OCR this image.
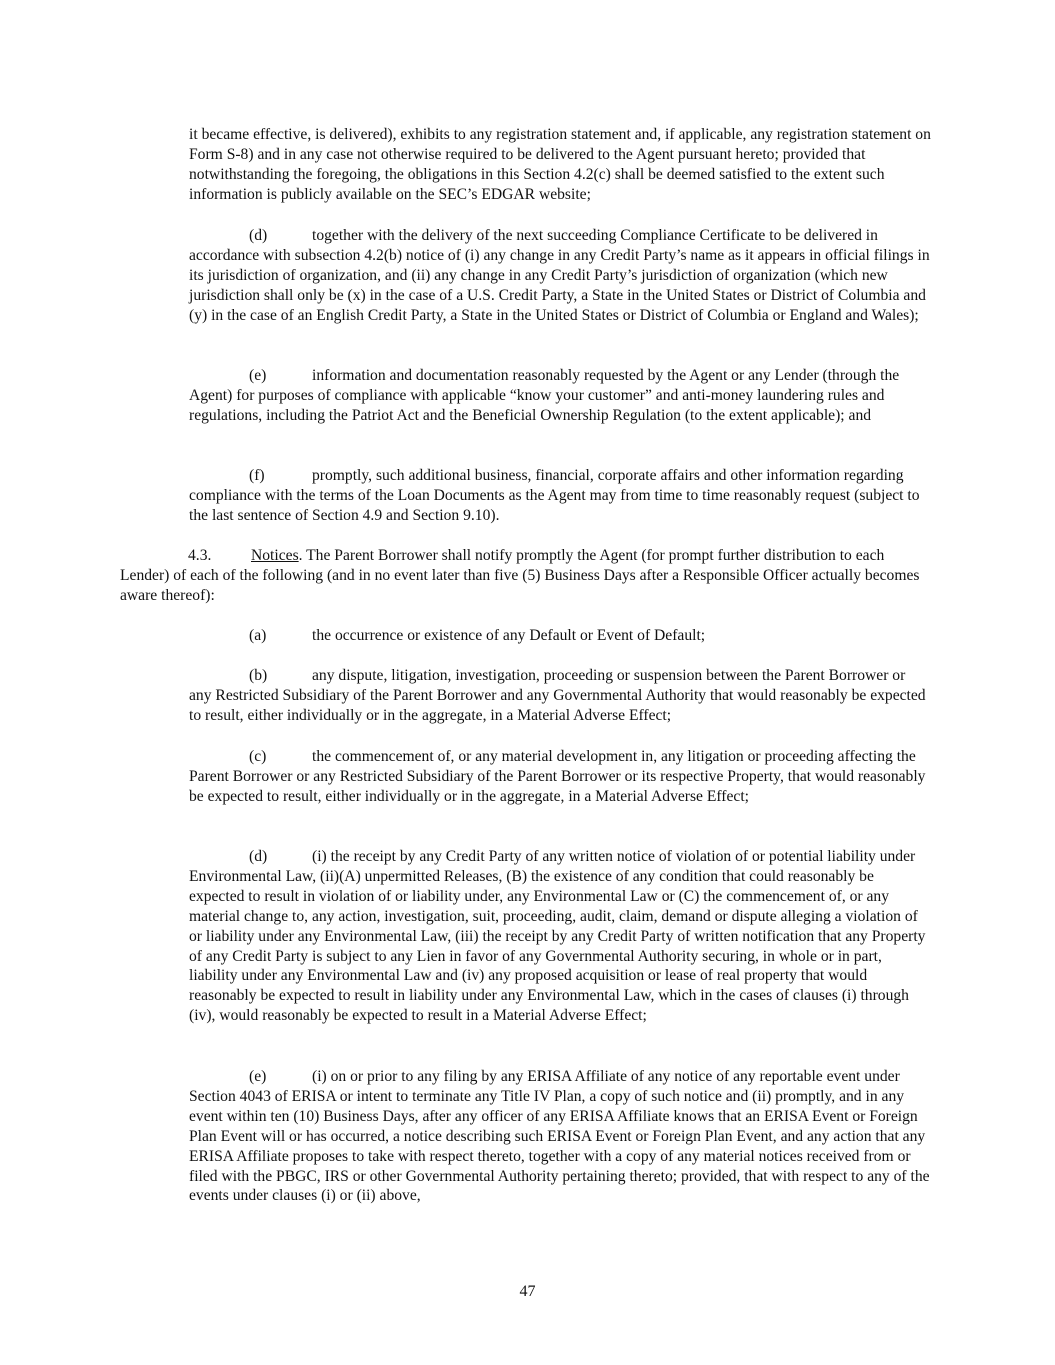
it became effective, is delivered), exhibits to any registration statement and, if applicable, any registration statement on Form S-8) and in any case not otherwise required to be delivered to the Agent pursuant hereto; provided that notwithstanding the foregoing, the obligations in this Section 4.2(c) shall be deemed satisfied to the extent such information is publicly available on the SEC’s EDGAR website;

(d)	together with the delivery of the next succeeding Compliance Certificate to be delivered in accordance with subsection 4.2(b) notice of (i) any change in any Credit Party’s name as it appears in official filings in its jurisdiction of organization, and (ii) any change in any Credit Party’s jurisdiction of organization (which new jurisdiction shall only be (x) in the case of a U.S. Credit Party, a State in the United States or District of Columbia and (y) in the case of an English Credit Party, a State in the United States or District of Columbia or England and Wales);

(e)	information and documentation reasonably requested by the Agent or any Lender (through the Agent) for purposes of compliance with applicable “know your customer” and anti-money laundering rules and regulations, including the Patriot Act and the Beneficial Ownership Regulation (to the extent applicable); and

(f)	promptly, such additional business, financial, corporate affairs and other information regarding compliance with the terms of the Loan Documents as the Agent may from time to time reasonably request (subject to the last sentence of Section 4.9 and Section 9.10).

4.3.	Notices. The Parent Borrower shall notify promptly the Agent (for prompt further distribution to each Lender) of each of the following (and in no event later than five (5) Business Days after a Responsible Officer actually becomes aware thereof):

(a)	the occurrence or existence of any Default or Event of Default;

(b)	any dispute, litigation, investigation, proceeding or suspension between the Parent Borrower or any Restricted Subsidiary of the Parent Borrower and any Governmental Authority that would reasonably be expected to result, either individually or in the aggregate, in a Material Adverse Effect;

(c)	the commencement of, or any material development in, any litigation or proceeding affecting the Parent Borrower or any Restricted Subsidiary of the Parent Borrower or its respective Property, that would reasonably be expected to result, either individually or in the aggregate, in a Material Adverse Effect;

(d)	(i) the receipt by any Credit Party of any written notice of violation of or potential liability under Environmental Law, (ii)(A) unpermitted Releases, (B) the existence of any condition that could reasonably be expected to result in violation of or liability under, any Environmental Law or (C) the commencement of, or any material change to, any action, investigation, suit, proceeding, audit, claim, demand or dispute alleging a violation of or liability under any Environmental Law, (iii) the receipt by any Credit Party of written notification that any Property of any Credit Party is subject to any Lien in favor of any Governmental Authority securing, in whole or in part, liability under any Environmental Law and (iv) any proposed acquisition or lease of real property that would reasonably be expected to result in liability under any Environmental Law, which in the cases of clauses (i) through (iv), would reasonably be expected to result in a Material Adverse Effect;

(e)	(i) on or prior to any filing by any ERISA Affiliate of any notice of any reportable event under Section 4043 of ERISA or intent to terminate any Title IV Plan, a copy of such notice and (ii) promptly, and in any event within ten (10) Business Days, after any officer of any ERISA Affiliate knows that an ERISA Event or Foreign Plan Event will or has occurred, a notice describing such ERISA Event or Foreign Plan Event, and any action that any ERISA Affiliate proposes to take with respect thereto, together with a copy of any material notices received from or filed with the PBGC, IRS or other Governmental Authority pertaining thereto; provided, that with respect to any of the events under clauses (i) or (ii) above,

47
